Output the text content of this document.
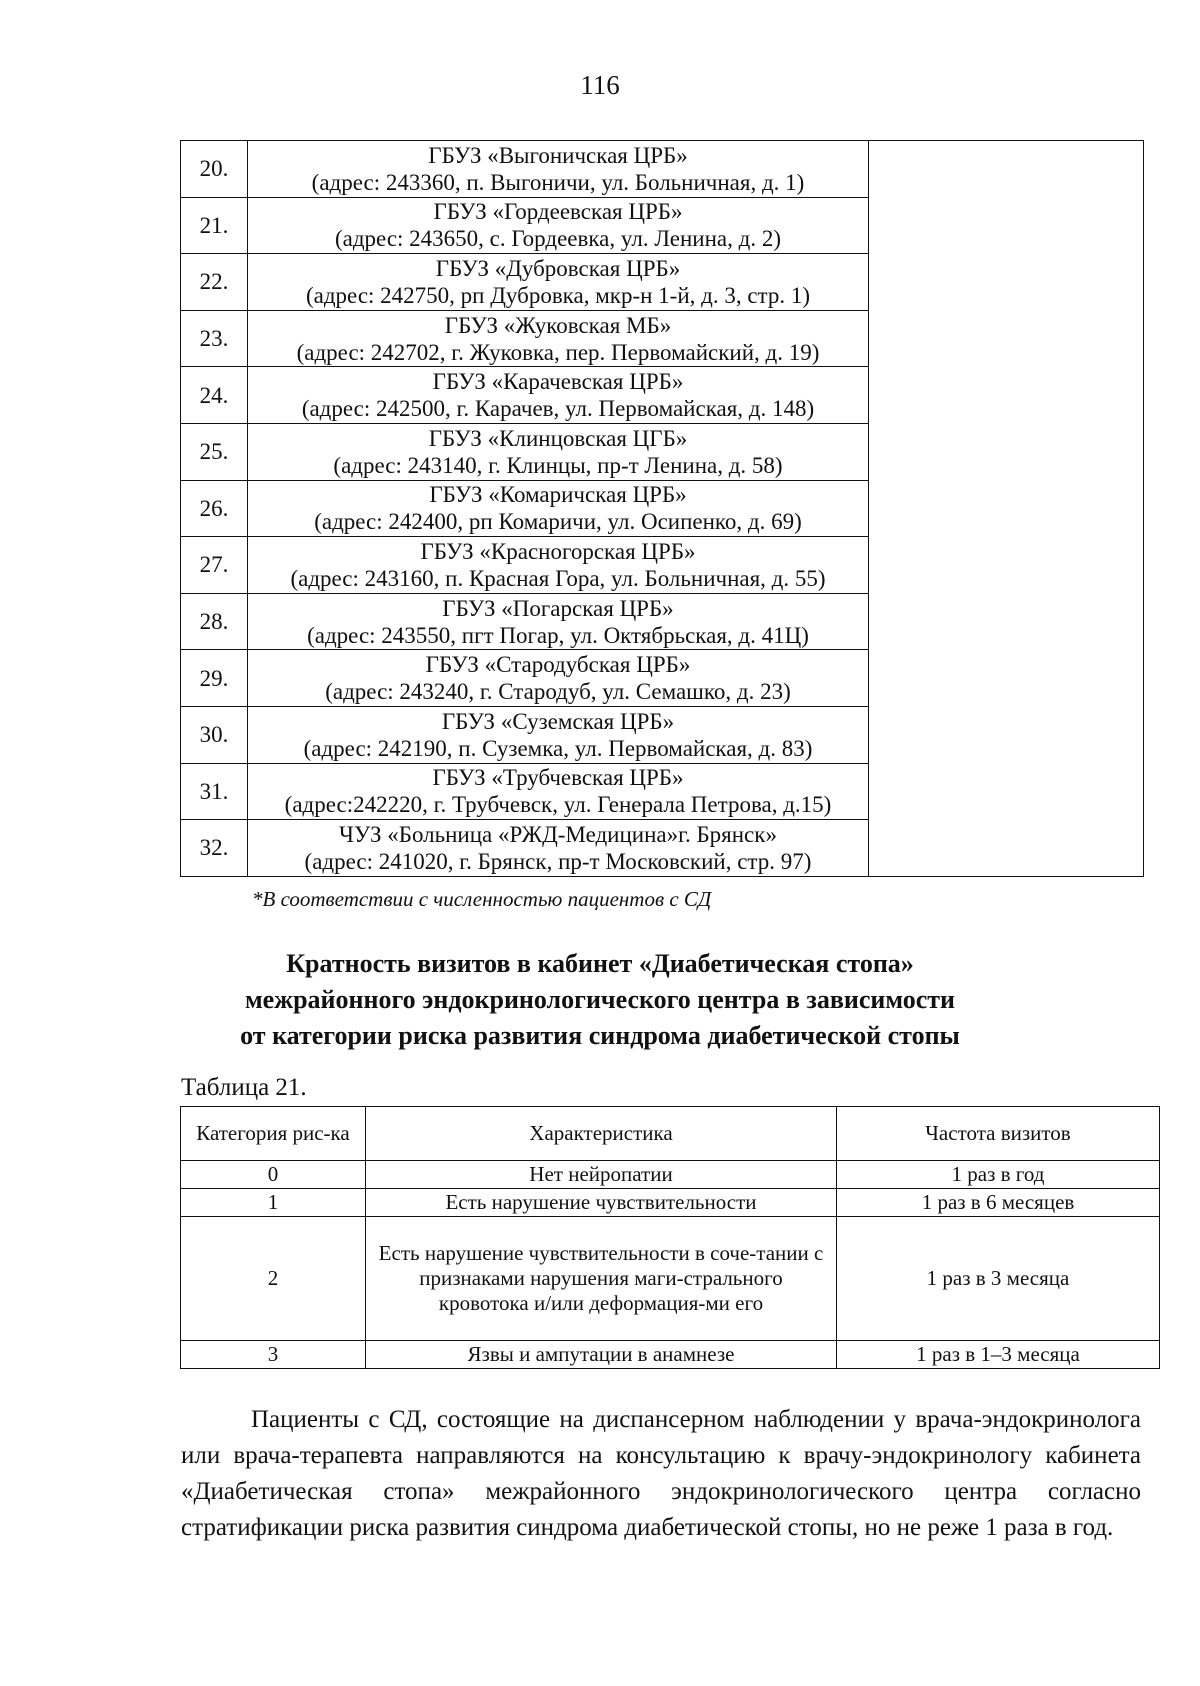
116
20.	ГБУЗ «Выгоничская ЦРБ»
(адрес: 243360, п. Выгоничи, ул. Больничная, д. 1)	

21.	ГБУЗ «Гордеевская ЦРБ»
(адрес: 243650, с. Гордеевка, ул. Ленина, д. 2)	

22.	ГБУЗ «Дубровская ЦРБ»
(адрес: 242750, рп Дубровка, мкр-н 1-й, д. 3, стр. 1)	

23.	ГБУЗ «Жуковская МБ»
(адрес: 242702, г. Жуковка, пер. Первомайский, д. 19)	

24.	ГБУЗ «Карачевская ЦРБ»
(адрес: 242500, г. Карачев, ул. Первомайская, д. 148)	

25.	ГБУЗ «Клинцовская ЦГБ»
(адрес: 243140, г. Клинцы, пр-т Ленина, д. 58)	

26.	ГБУЗ «Комаричская ЦРБ»
(адрес: 242400, рп Комаричи, ул. Осипенко, д. 69)	

27.	ГБУЗ «Красногорская ЦРБ»
(адрес: 243160, п. Красная Гора, ул. Больничная, д. 55)	

28.	ГБУЗ «Погарская ЦРБ»
(адрес: 243550, пгт Погар, ул. Октябрьская, д. 41Ц)	

29.	ГБУЗ «Стародубская ЦРБ»
(адрес: 243240, г. Стародуб, ул. Семашко, д. 23)	

30.	ГБУЗ «Суземская ЦРБ»
(адрес: 242190, п. Суземка, ул. Первомайская, д. 83)	

31.	ГБУЗ «Трубчевская ЦРБ»
(адрес:242220, г. Трубчевск, ул. Генерала Петрова, д.15)	

32.	ЧУЗ «Больница «РЖД-Медицина»г. Брянск»
(адрес: 241020, г. Брянск, пр-т Московский, стр. 97)	
*В соответствии с численностью пациентов с СД
Кратность визитов в кабинет «Диабетическая стопа»
межрайонного эндокринологического центра в зависимости
от категории риска развития синдрома диабетической стопы
Таблица 21.
Категория рис-ка	Характеристика	Частота визитов
0	Нет нейропатии	1 раз в год
1	Есть нарушение чувствительности	1 раз в 6 месяцев
2	Есть нарушение чувствительности в соче-тании с признаками нарушения маги-стрального кровотока и/или деформация-ми его	1 раз в 3 месяца
3	Язвы и ампутации в анамнезе	1 раз в 1–3 месяца
Пациенты с СД, состоящие на диспансерном наблюдении у врача-эндокринолога или врача-терапевта направляются на консультацию к врачу-эндокринологу кабинета «Диабетическая стопа» межрайонного эндокринологического центра согласно стратификации риска развития синдрома диабетической стопы, но не реже 1 раза в год.
